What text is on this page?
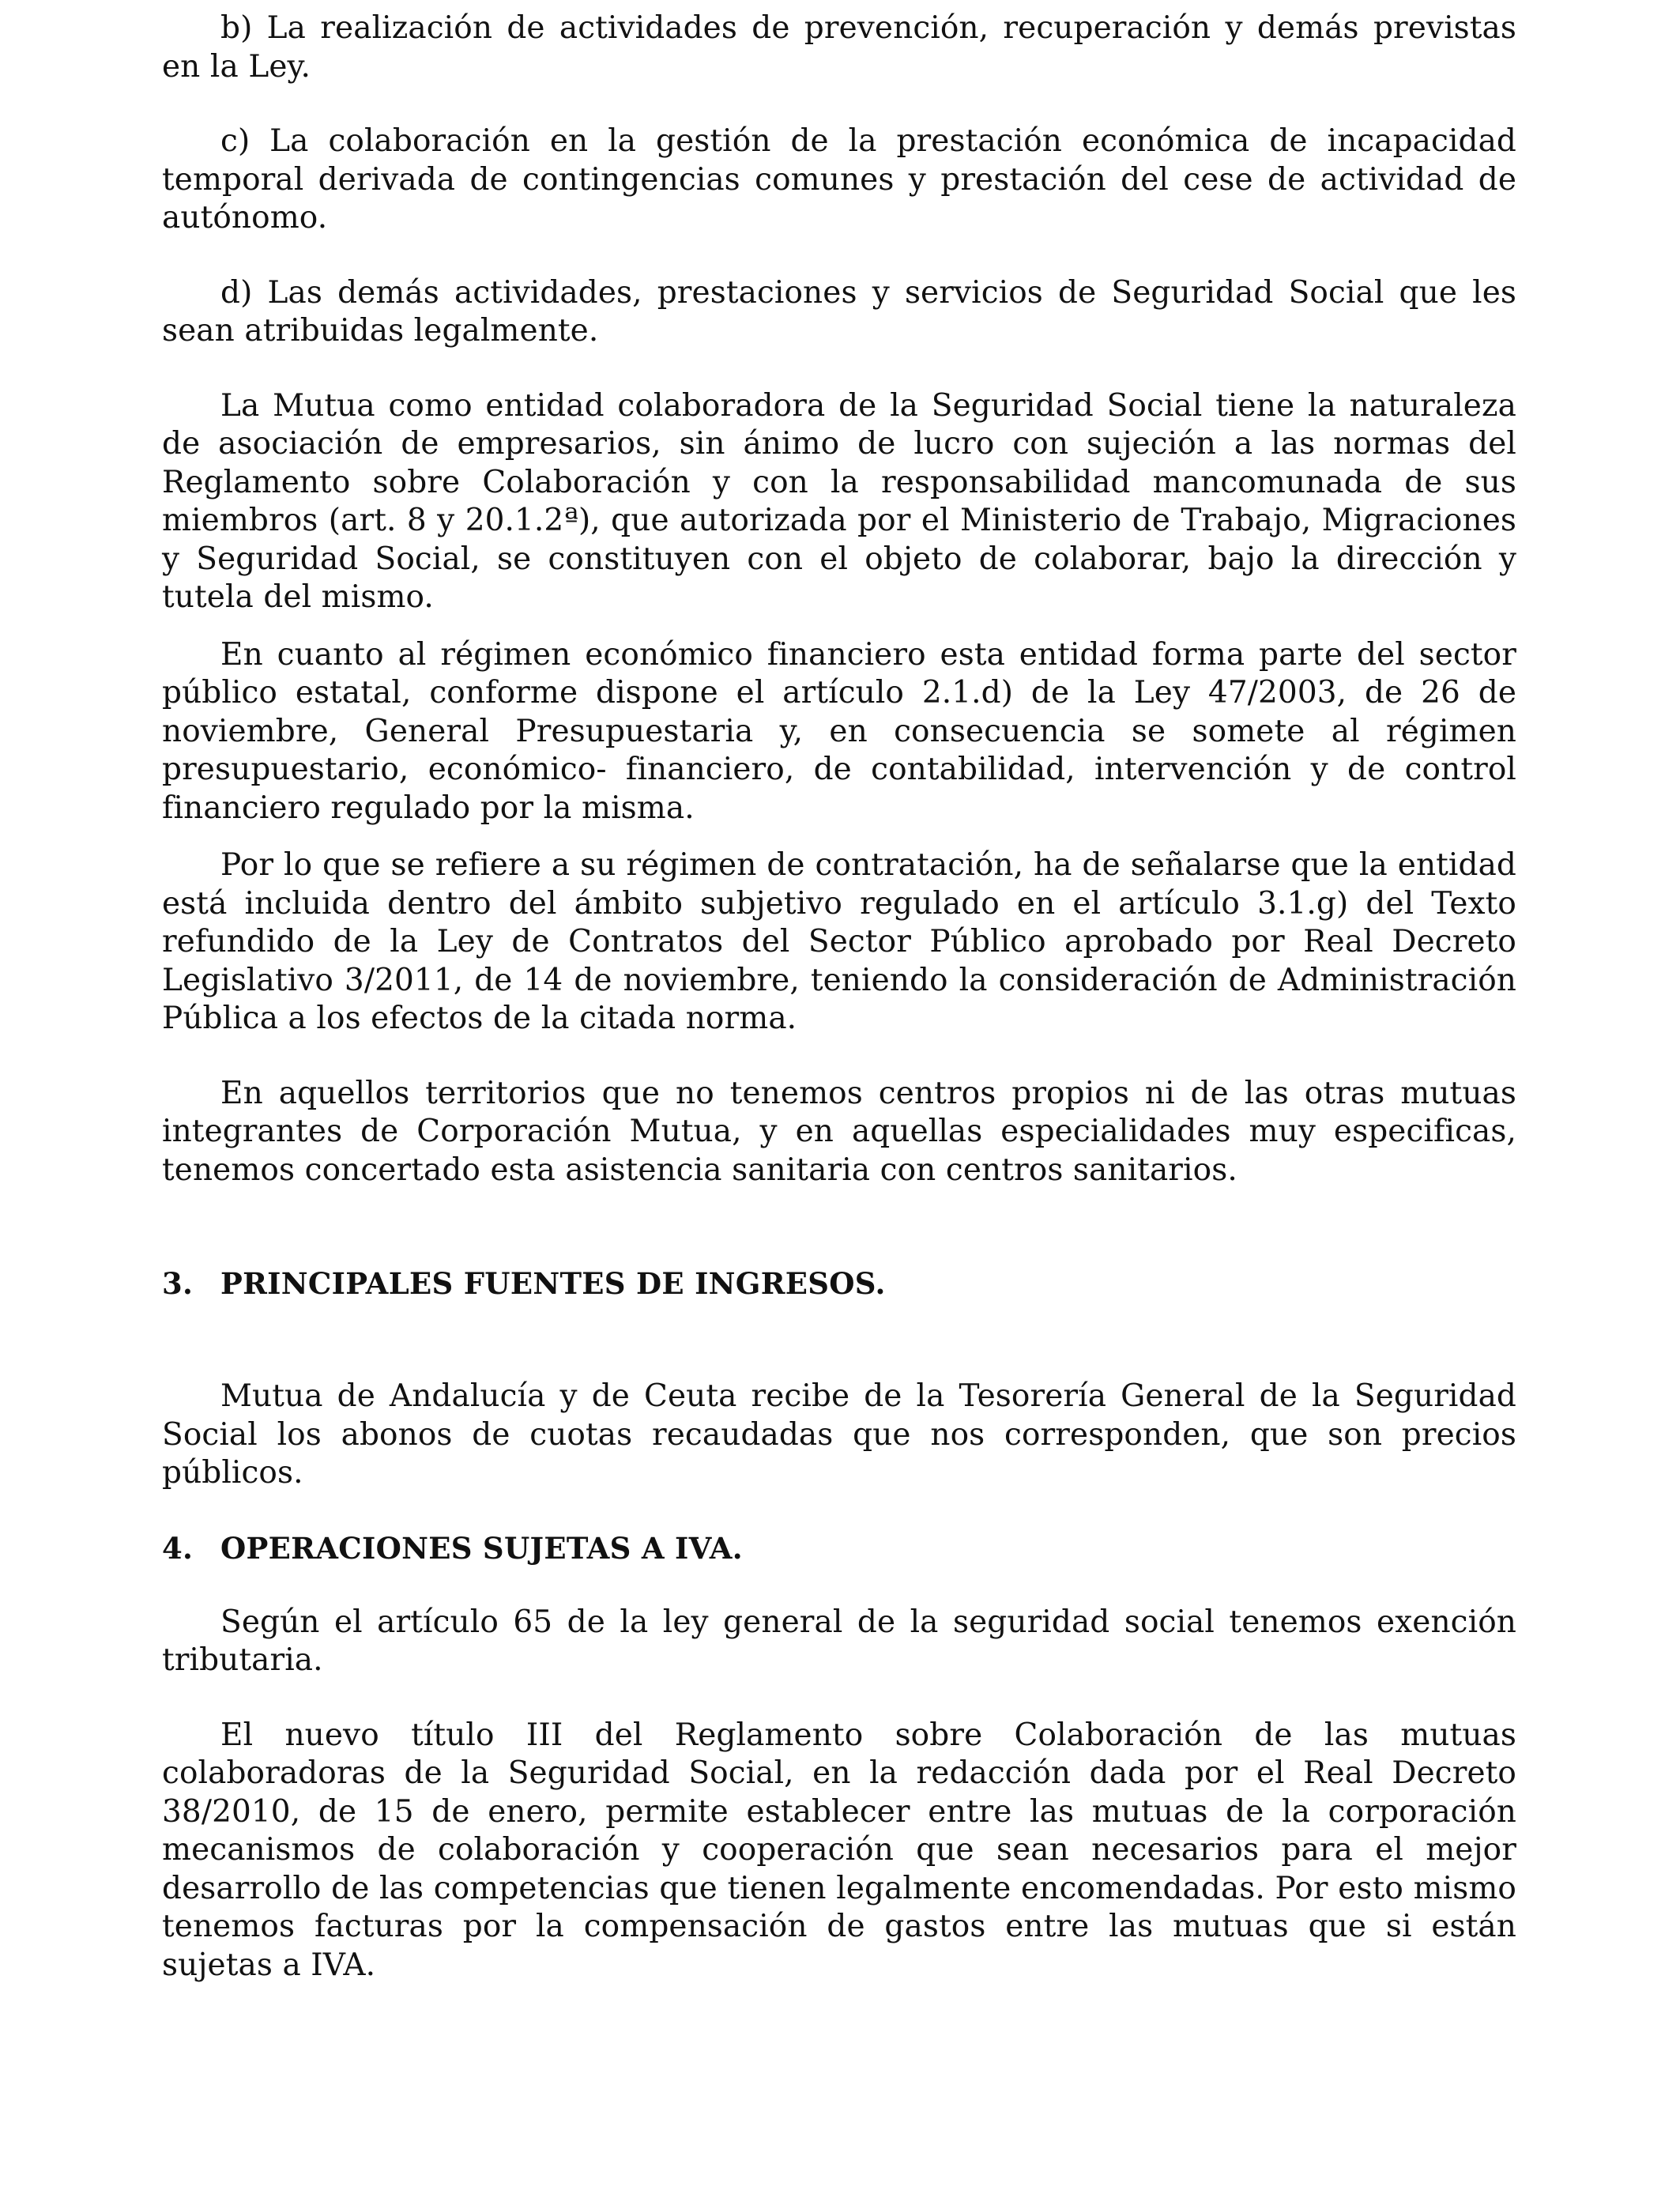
b) La realización de actividades de prevención, recuperación y demás previstas en la Ley.

c) La colaboración en la gestión de la prestación económica de incapacidad temporal derivada de contingencias comunes y prestación del cese de actividad de autónomo.

d) Las demás actividades, prestaciones y servicios de Seguridad Social que les sean atribuidas legalmente.

La Mutua como entidad colaboradora de la Seguridad Social tiene la naturaleza de asociación de empresarios, sin ánimo de lucro con sujeción a las normas del Reglamento sobre Colaboración y con la responsabilidad mancomunada de sus miembros (art. 8 y 20.1.2ª), que autorizada por el Ministerio de Trabajo, Migraciones y Seguridad Social, se constituyen con el objeto de colaborar, bajo la dirección y tutela del mismo.

En cuanto al régimen económico financiero esta entidad forma parte del sector público estatal, conforme dispone el artículo 2.1.d) de la Ley 47/2003, de 26 de noviembre, General Presupuestaria y, en consecuencia se somete al régimen presupuestario, económico- financiero, de contabilidad, intervención y de control financiero regulado por la misma.

Por lo que se refiere a su régimen de contratación, ha de señalarse que la entidad está incluida dentro del ámbito subjetivo regulado en el artículo 3.1.g) del Texto refundido de la Ley de Contratos del Sector Público aprobado por Real Decreto Legislativo 3/2011, de 14 de noviembre, teniendo la consideración de Administración Pública a los efectos de la citada norma.

En aquellos territorios que no tenemos centros propios ni de las otras mutuas integrantes de Corporación Mutua, y en aquellas especialidades muy especificas, tenemos concertado esta asistencia sanitaria con centros sanitarios.

3. PRINCIPALES FUENTES DE INGRESOS.

Mutua de Andalucía y de Ceuta recibe de la Tesorería General de la Seguridad Social los abonos de cuotas recaudadas que nos corresponden, que son precios públicos.

4. OPERACIONES SUJETAS A IVA.

Según el artículo 65 de la ley general de la seguridad social tenemos exención tributaria.

El nuevo título III del Reglamento sobre Colaboración de las mutuas colaboradoras de la Seguridad Social, en la redacción dada por el Real Decreto 38/2010, de 15 de enero, permite establecer entre las mutuas de la corporación mecanismos de colaboración y cooperación que sean necesarios para el mejor desarrollo de las competencias que tienen legalmente encomendadas. Por esto mismo tenemos facturas por la compensación de gastos entre las mutuas que si están sujetas a IVA.
